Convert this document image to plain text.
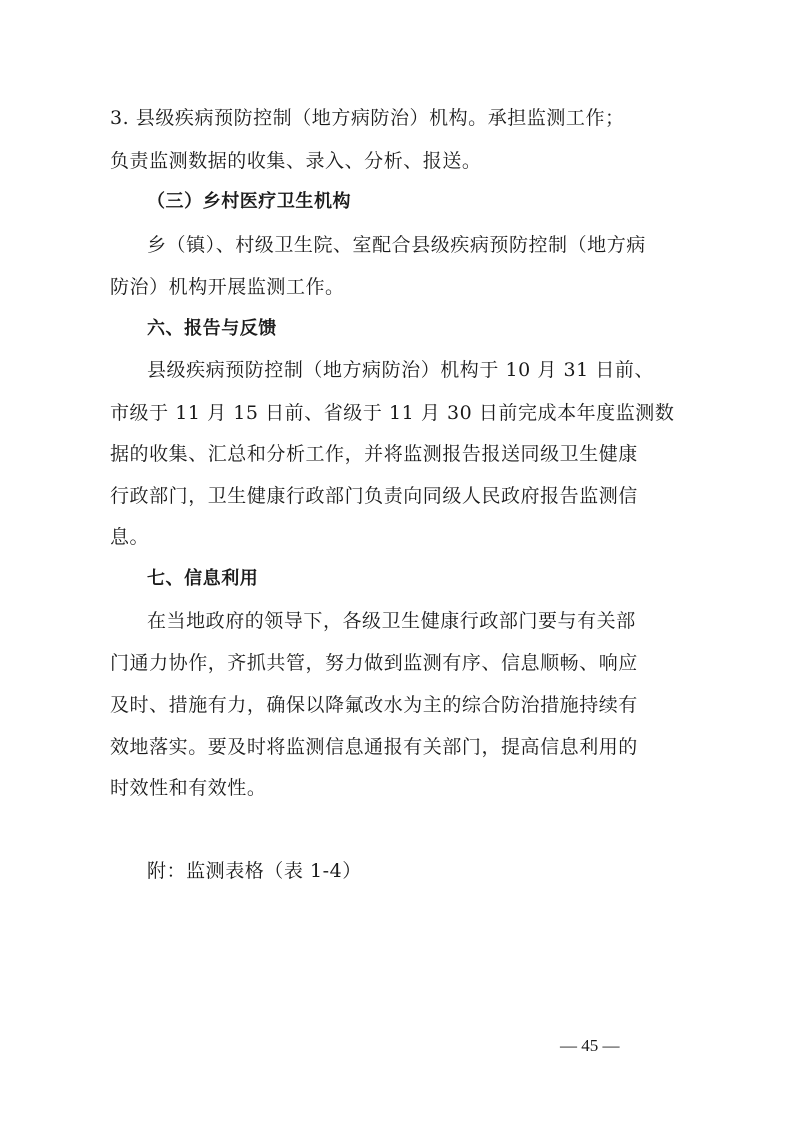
3. 县级疾病预防控制（地方病防治）机构。承担监测工作；
负责监测数据的收集、录入、分析、报送。
（三）乡村医疗卫生机构
乡（镇）、村级卫生院、室配合县级疾病预防控制（地方病
防治）机构开展监测工作。
六、报告与反馈
县级疾病预防控制（地方病防治）机构于 10 月 31 日前、
市级于 11 月 15 日前、省级于 11 月 30 日前完成本年度监测数
据的收集、汇总和分析工作，并将监测报告报送同级卫生健康
行政部门，卫生健康行政部门负责向同级人民政府报告监测信
息。
七、信息利用
在当地政府的领导下，各级卫生健康行政部门要与有关部
门通力协作，齐抓共管，努力做到监测有序、信息顺畅、响应
及时、措施有力，确保以降氟改水为主的综合防治措施持续有
效地落实。要及时将监测信息通报有关部门，提高信息利用的
时效性和有效性。
附：监测表格（表 1-4）
— 45 —
